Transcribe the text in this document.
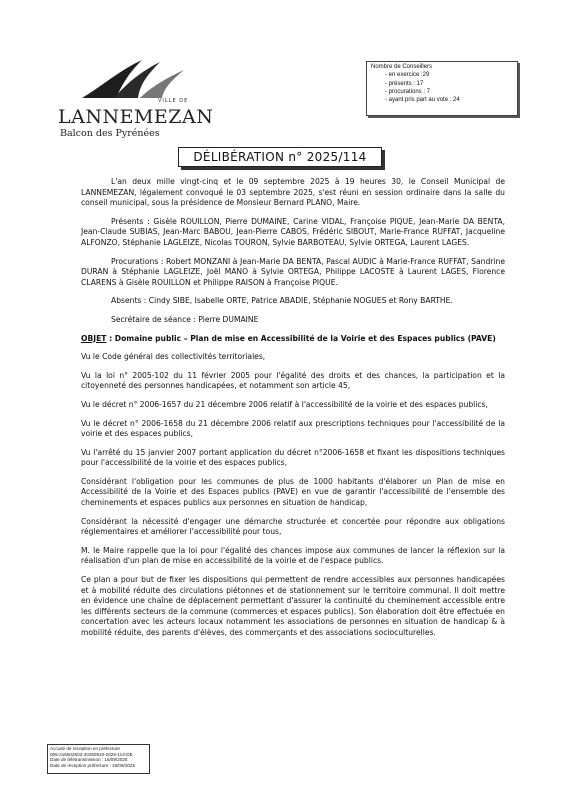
VILLE DE
LANNEMEZAN
Balcon des Pyrénées
Nombre de Conseillers
- en exercice :29
- présents : 17
- procurations : 7
- ayant pris part au vote : 24
DÉLIBÉRATION n° 2025/114

L'an deux mille vingt-cinq et le 09 septembre 2025 à 19 heures 30, le Conseil Municipal de LANNEMEZAN, légalement convoqué le 03 septembre 2025, s'est réuni en session ordinaire dans la salle du conseil municipal, sous la présidence de Monsieur Bernard PLANO, Maire.

Présents : Gisèle ROUILLON, Pierre DUMAINE, Carine VIDAL, Françoise PIQUE, Jean-Marie DA BENTA, Jean-Claude SUBIAS, Jean-Marc BABOU, Jean-Pierre CABOS, Frédéric SIBOUT, Marie-France RUFFAT, Jacqueline ALFONZO, Stéphanie LAGLEIZE, Nicolas TOURON, Sylvie BARBOTEAU, Sylvie ORTEGA, Laurent LAGES.

Procurations : Robert MONZANI à Jean-Marie DA BENTA, Pascal AUDIC à Marie-France RUFFAT, Sandrine DURAN à Stéphanie LAGLEIZE, Joël MANO à Sylvie ORTEGA, Philippe LACOSTE à Laurent LAGES, Florence CLARENS à Gisèle ROUILLON et Philippe RAISON à Françoise PIQUE.

Absents : Cindy SIBE, Isabelle ORTE, Patrice ABADIE, Stéphanie NOGUES et Rony BARTHE.

Secrétaire de séance : Pierre DUMAINE

OBJET : Domaine public – Plan de mise en Accessibilité de la Voirie et des Espaces publics (PAVE)

Vu le Code général des collectivités territoriales,

Vu la loi n° 2005-102 du 11 février 2005 pour l'égalité des droits et des chances, la participation et la citoyenneté des personnes handicapées, et notamment son article 45,

Vu le décret n° 2006-1657 du 21 décembre 2006 relatif à l'accessibilité de la voirie et des espaces publics,

Vu le décret n° 2006-1658 du 21 décembre 2006 relatif aux prescriptions techniques pour l'accessibilité de la voirie et des espaces publics,

Vu l'arrêté du 15 janvier 2007 portant application du décret n°2006-1658 et fixant les dispositions techniques pour l'accessibilité de la voirie et des espaces publics,

Considérant l'obligation pour les communes de plus de 1000 habitants d'élaborer un Plan de mise en Accessibilité de la Voirie et des Espaces publics (PAVE) en vue de garantir l'accessibilité de l'ensemble des cheminements et espaces publics aux personnes en situation de handicap,

Considérant la nécessité d'engager une démarche structurée et concertée pour répondre aux obligations réglementaires et améliorer l'accessibilité pour tous,

M. le Maire rappelle que la loi pour l'égalité des chances impose aux communes de lancer la réflexion sur la réalisation d'un plan de mise en accessibilité de la voirie et de l'espace publics.

Ce plan a pour but de fixer les dispositions qui permettent de rendre accessibles aux personnes handicapées et à mobilité réduite des circulations piétonnes et de stationnement sur le territoire communal. Il doit mettre en évidence une chaîne de déplacement permettant d'assurer la continuité du cheminement accessible entre les différents secteurs de la commune (commerces et espaces publics). Son élaboration doit être effectuée en concertation avec les acteurs locaux notamment les associations de personnes en situation de handicap & à mobilité réduite, des parents d'élèves, des commerçants et des associations socioculturelles.

Accusé de réception en préfecture
065-216502503-20250910-2025-114-DE
Date de télétransmission : 16/09/2025
Date de réception préfecture : 16/09/2025
